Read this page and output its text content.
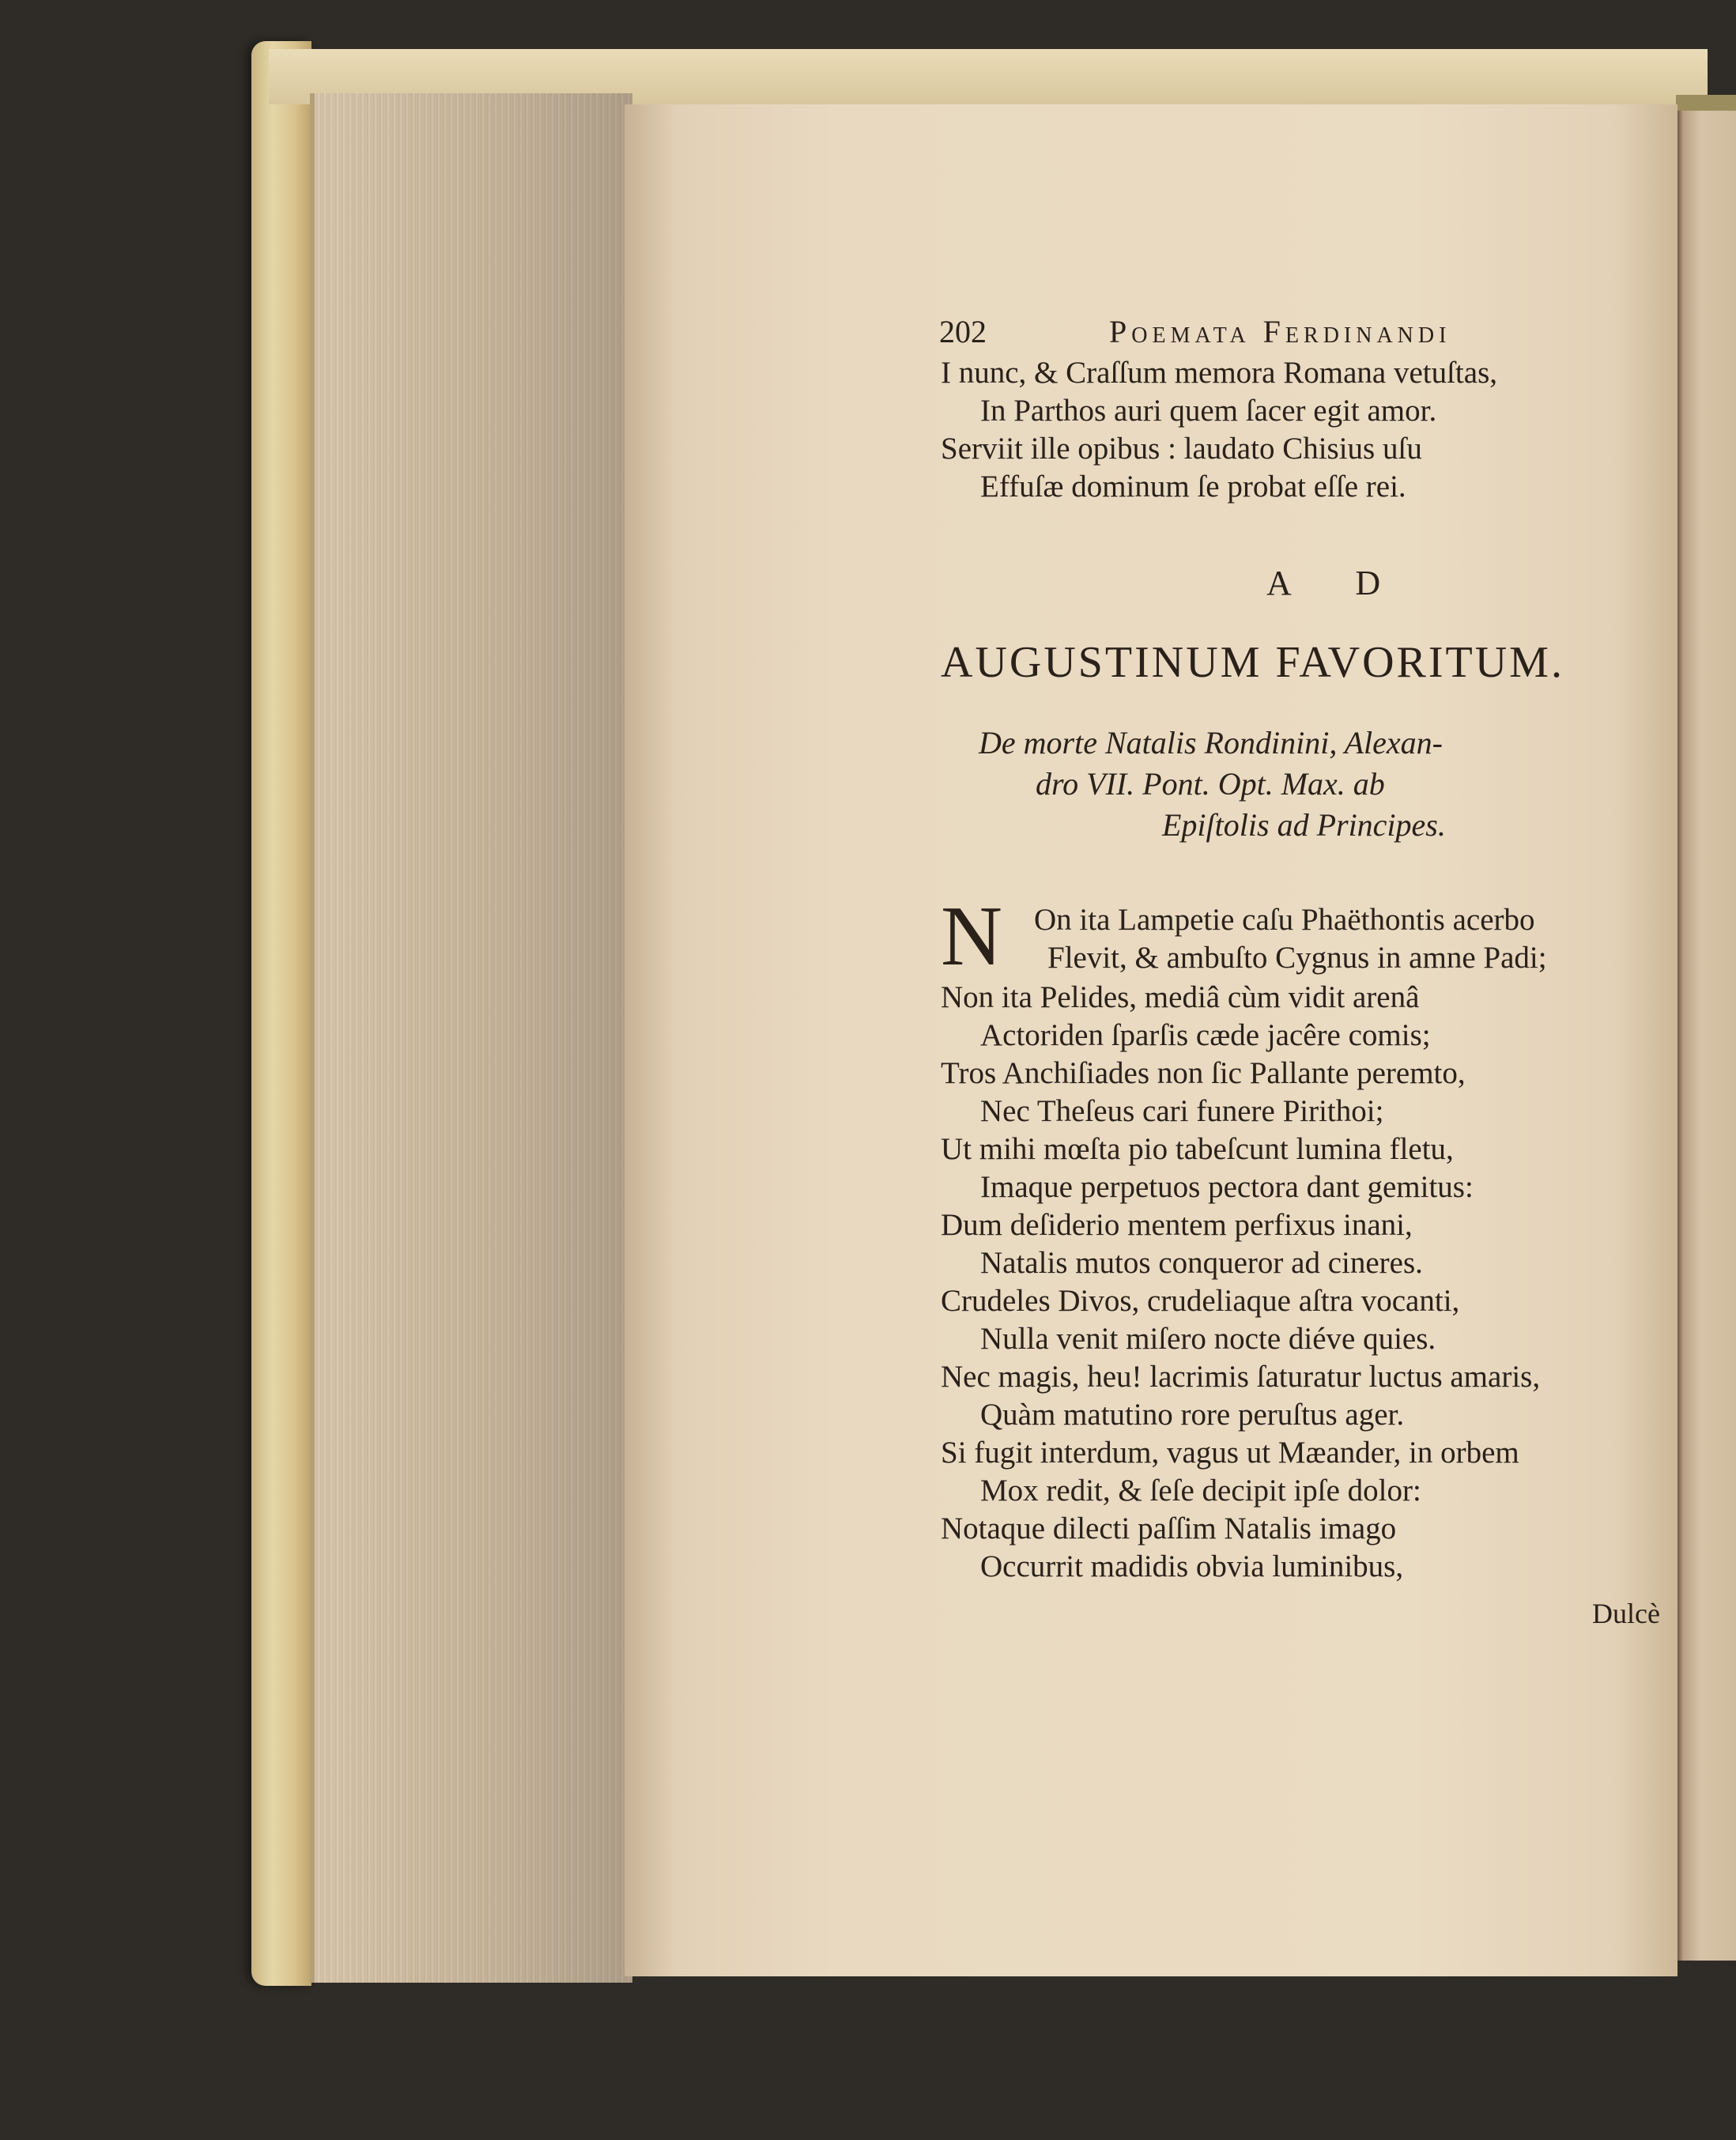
202	Poemata Ferdinandi
I nunc, & Craſſum memora Romana vetuſtas,
In Parthos auri quem ſacer egit amor.
Serviit ille opibus : laudato Chisius uſu
Effuſæ dominum ſe probat eſſe rei.
A D
AUGUSTINUM FAVORITUM.
De morte Natalis Rondinini, Alexan-
dro VII. Pont. Opt. Max. ab
Epiſtolis ad Principes.
N On ita Lampetie caſu Phaëthontis acerbo
Flevit, & ambuſto Cygnus in amne Padi;
Non ita Pelides, mediâ cùm vidit arenâ
Actoriden ſparſis cæde jacêre comis;
Tros Anchiſiades non ſic Pallante peremto,
Nec Theſeus cari funere Pirithoi;
Ut mihi mœſta pio tabeſcunt lumina fletu,
Imaque perpetuos pectora dant gemitus:
Dum deſiderio mentem perfixus inani,
Natalis mutos conqueror ad cineres.
Crudeles Divos, crudeliaque aſtra vocanti,
Nulla venit miſero nocte diéve quies.
Nec magis, heu! lacrimis ſaturatur luctus amaris,
Quàm matutino rore peruſtus ager.
Si fugit interdum, vagus ut Mæander, in orbem
Mox redit, & ſeſe decipit ipſe dolor:
Notaque dilecti paſſim Natalis imago
Occurrit madidis obvia luminibus,
Dulcè
